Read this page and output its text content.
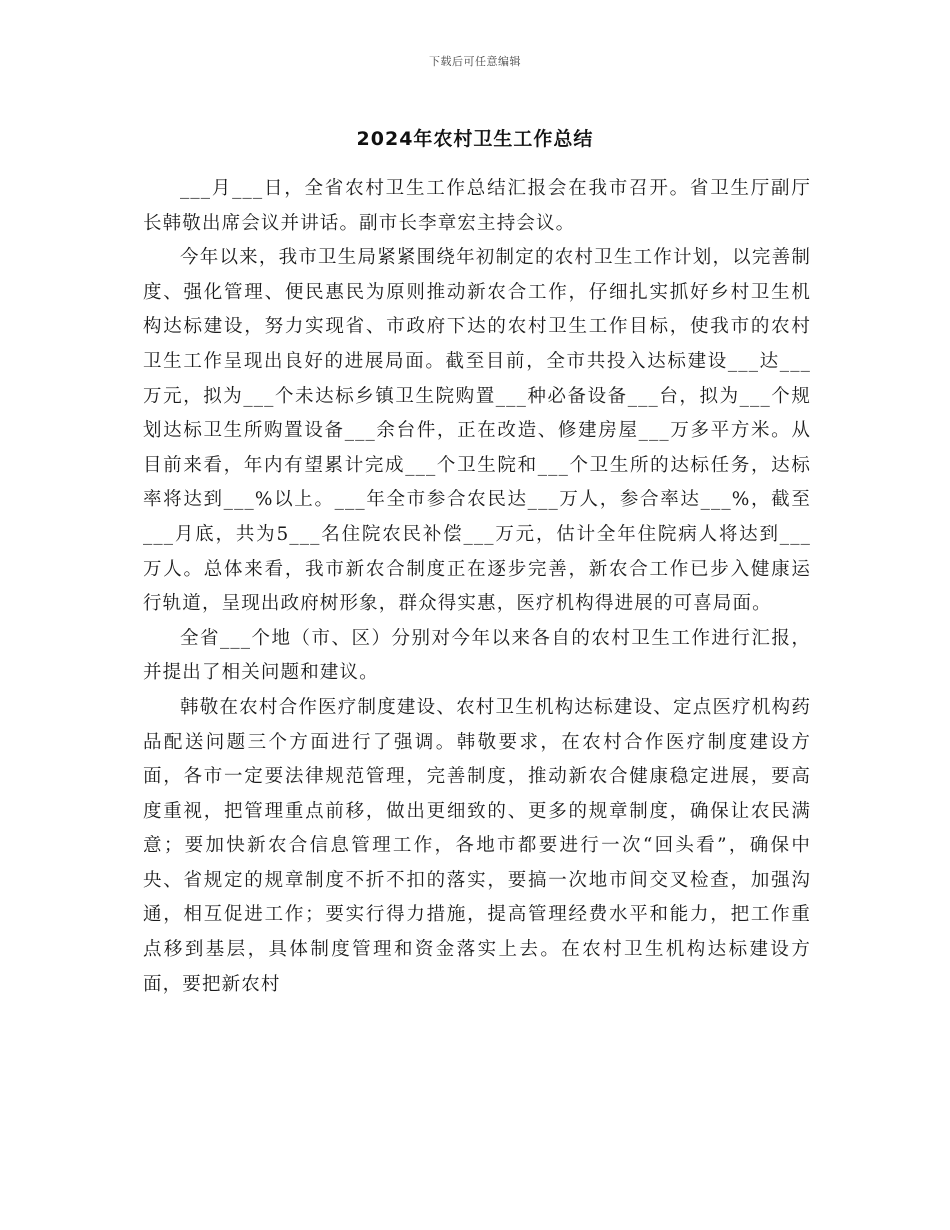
下载后可任意编辑
2024年农村卫生工作总结

___月___日，全省农村卫生工作总结汇报会在我市召开。省卫生厅副厅长韩敬出席会议并讲话。副市长李章宏主持会议。

今年以来，我市卫生局紧紧围绕年初制定的农村卫生工作计划，以完善制度、强化管理、便民惠民为原则推动新农合工作，仔细扎实抓好乡村卫生机构达标建设，努力实现省、市政府下达的农村卫生工作目标，使我市的农村卫生工作呈现出良好的进展局面。截至目前，全市共投入达标建设___达___万元，拟为___个未达标乡镇卫生院购置___种必备设备___台，拟为___个规划达标卫生所购置设备___余台件，正在改造、修建房屋___万多平方米。从目前来看，年内有望累计完成___个卫生院和___个卫生所的达标任务，达标率将达到___%以上。___年全市参合农民达___万人，参合率达___%，截至___月底，共为5___名住院农民补偿___万元，估计全年住院病人将达到___万人。总体来看，我市新农合制度正在逐步完善，新农合工作已步入健康运行轨道，呈现出政府树形象，群众得实惠，医疗机构得进展的可喜局面。

全省___个地（市、区）分别对今年以来各自的农村卫生工作进行汇报，并提出了相关问题和建议。

韩敬在农村合作医疗制度建设、农村卫生机构达标建设、定点医疗机构药品配送问题三个方面进行了强调。韩敬要求，在农村合作医疗制度建设方面，各市一定要法律规范管理，完善制度，推动新农合健康稳定进展，要高度重视，把管理重点前移，做出更细致的、更多的规章制度，确保让农民满意；要加快新农合信息管理工作，各地市都要进行一次“回头看”，确保中央、省规定的规章制度不折不扣的落实，要搞一次地市间交叉检查，加强沟通，相互促进工作；要实行得力措施，提高管理经费水平和能力，把工作重点移到基层，具体制度管理和资金落实上去。在农村卫生机构达标建设方面，要把新农村
